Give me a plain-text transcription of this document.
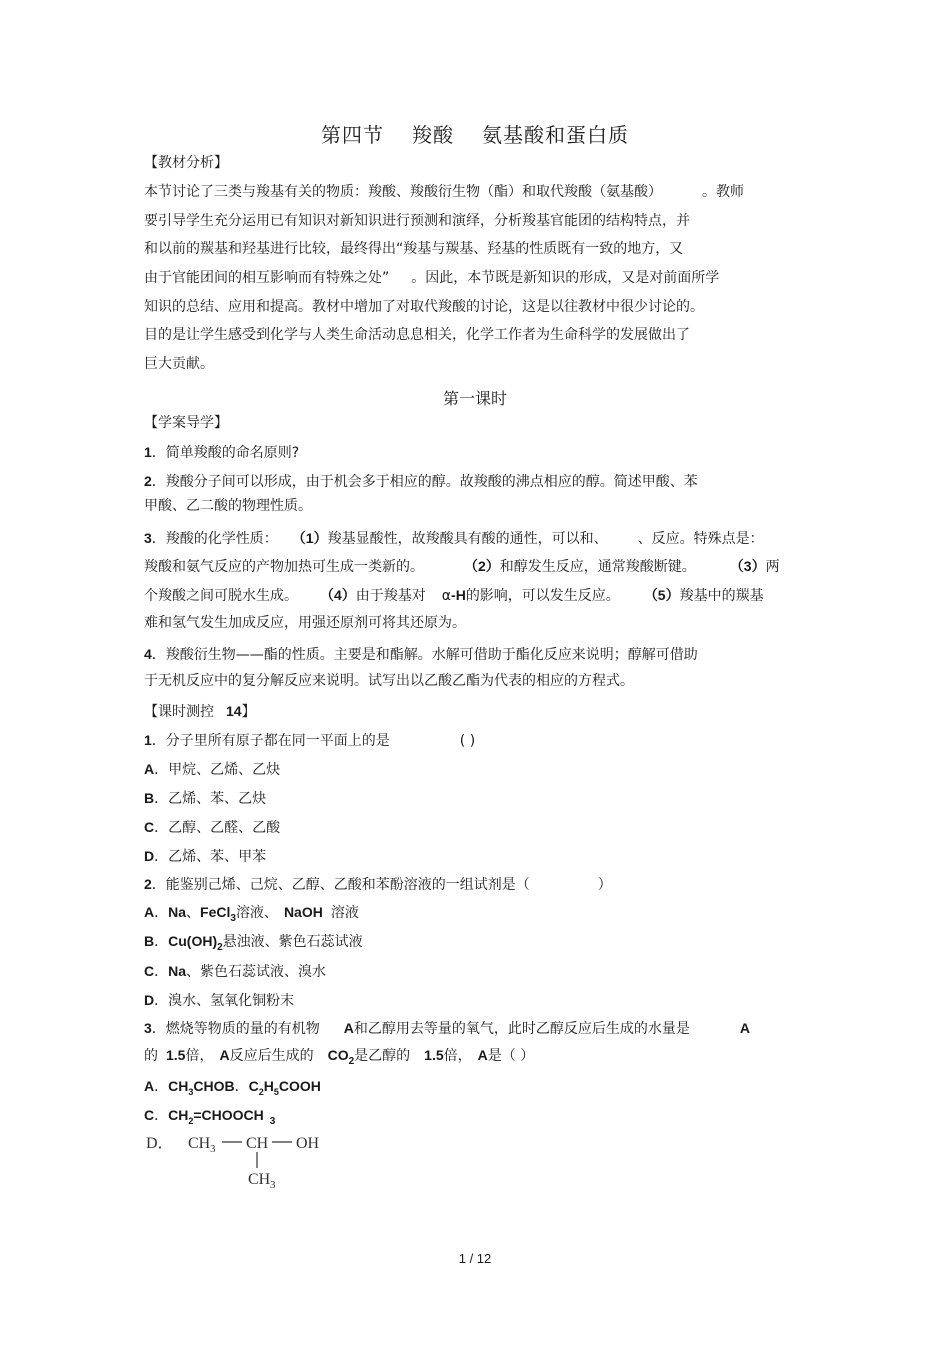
第四节 羧酸 氨基酸和蛋白质
【教材分析】
本节讨论了三类与羧基有关的物质：羧酸、羧酸衍生物（酯）和取代羧酸（氨基酸）	。教师
要引导学生充分运用已有知识对新知识进行预测和演绎，分析羧基官能团的结构特点，并
和以前的羰基和羟基进行比较，最终得出“羧基与羰基、羟基的性质既有一致的地方，又
由于官能团间的相互影响而有特殊之处” 。因此，本节既是新知识的形成，又是对前面所学
知识的总结、应用和提高。教材中增加了对取代羧酸的讨论，这是以往教材中很少讨论的。
目的是让学生感受到化学与人类生命活动息息相关，化学工作者为生命科学的发展做出了
巨大贡献。
第一课时
【学案导学】
1．简单羧酸的命名原则?
2．羧酸分子间可以形成，由于机会多于相应的醇。故羧酸的沸点相应的醇。简述甲酸、苯
甲酸、乙二酸的物理性质。
3．羧酸的化学性质： （1）羧基显酸性，故羧酸具有酸的通性，可以和、 、反应。特殊点是：
羧酸和氨气反应的产物加热可生成一类新的。	（2）和醇发生反应，通常羧酸断键。 （3）两
个羧酸之间可脱水生成。 （4）由于羧基对 α-H的影响，可以发生反应。 （5）羧基中的羰基
难和氢气发生加成反应，用强还原剂可将其还原为。
4．羧酸衍生物——酯的性质。主要是和酯解。水解可借助于酯化反应来说明；醇解可借助
于无机反应中的复分解反应来说明。试写出以乙酸乙酯为代表的相应的方程式。
【课时测控 14】
1．分子里所有原子都在同一平面上的是	( )
A．甲烷、乙烯、乙炔
B．乙烯、苯、乙炔
C．乙醇、乙醛、乙酸
D．乙烯、苯、甲苯
2．能鉴别己烯、己烷、乙醇、乙酸和苯酚溶液的一组试剂是（	）
A．Na、FeCl$_3$溶液、 NaOH 溶液
B．$Cu(OH)_2$悬浊液、紫色石蕊试液
C．Na、紫色石蕊试液、溴水
D．溴水、氢氧化铜粉末
3．燃烧等物质的量的有机物 A和乙醇用去等量的氧气，此时乙醇反应后生成的水量是	A
的 1.5倍， A反应后生成的 $CO_2$是乙醇的 1.5倍， A是（ ）
A．$CH_3CHOB$．$C_2H_5COOH$
C．$CH_2=CHOOCH$ $_3$
D． CH 3 CH OH
CH 3
1 / 12
